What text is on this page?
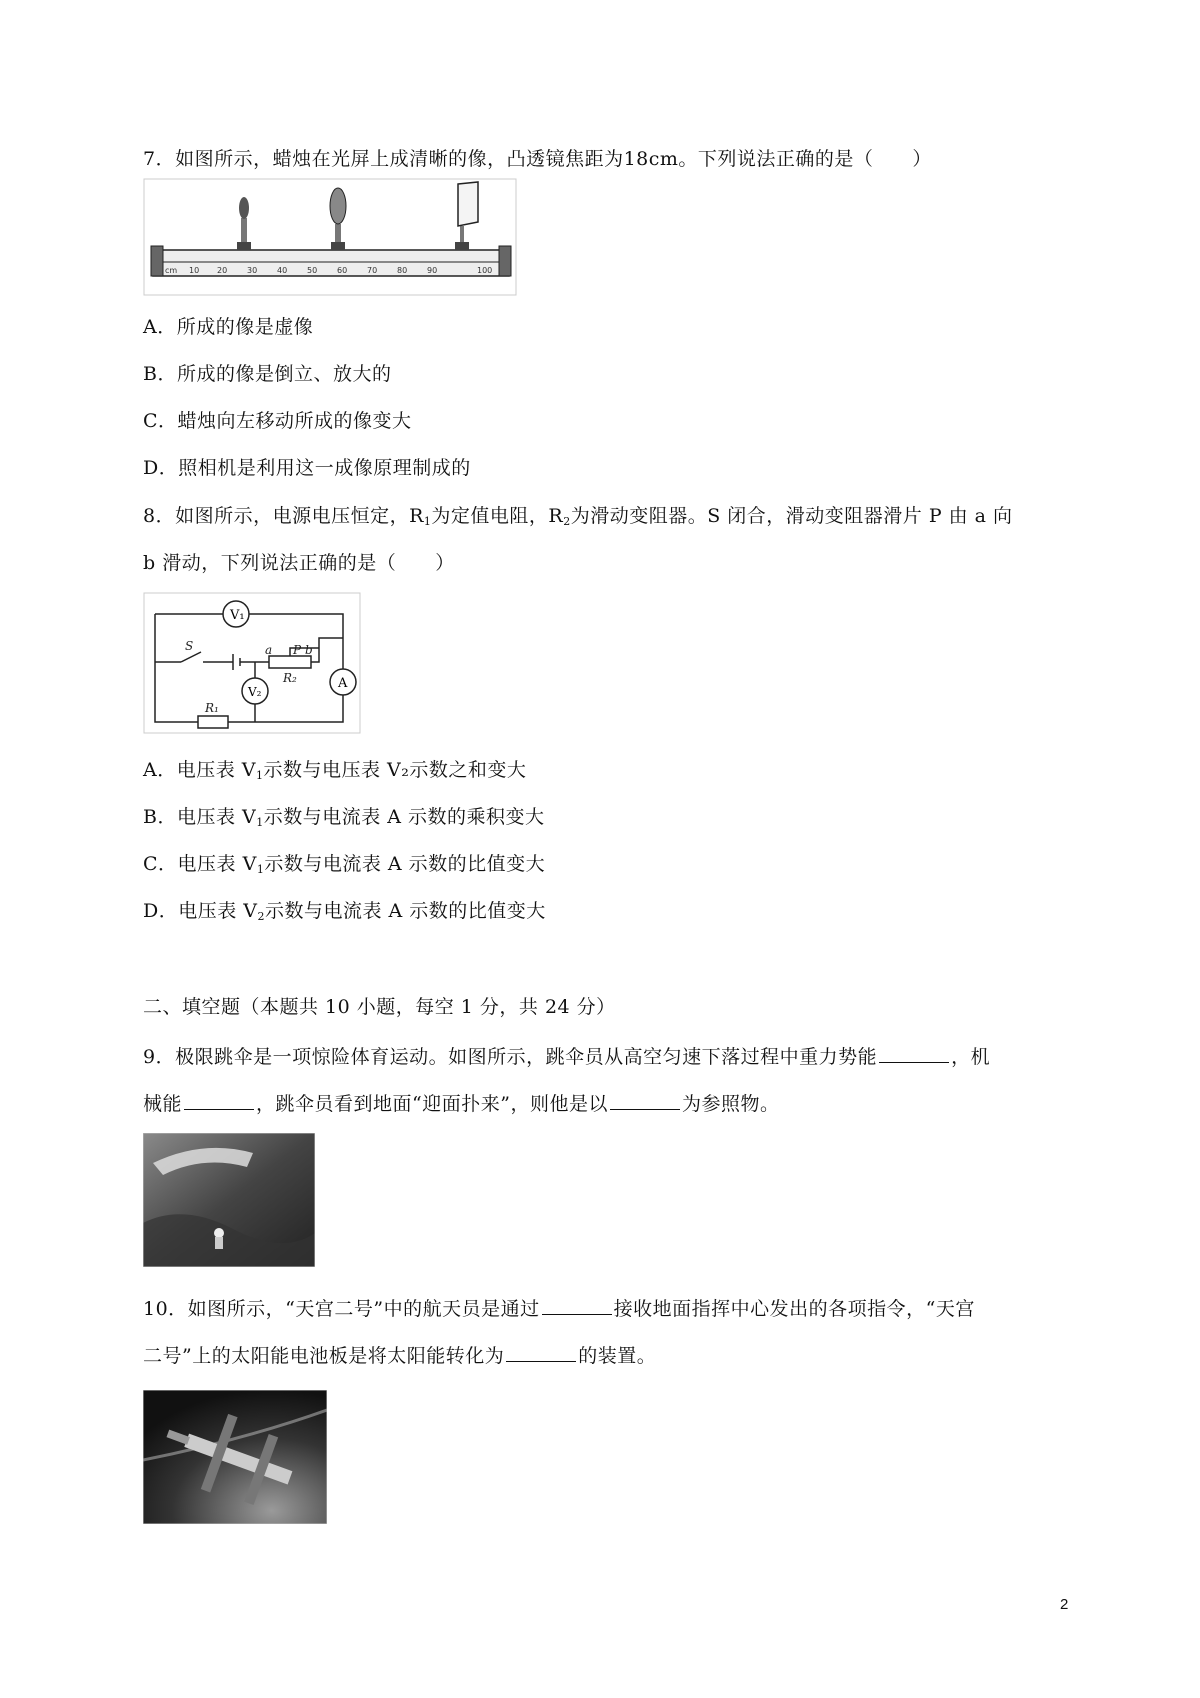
7．如图所示，蜡烛在光屏上成清晰的像，凸透镜焦距为18cm。下列说法正确的是（　　）
cm 10 20 30 40 50 60 70 80 90	100
A．所成的像是虚像
B．所成的像是倒立、放大的
C．蜡烛向左移动所成的像变大
D．照相机是利用这一成像原理制成的
8．如图所示，电源电压恒定，$R_1$为定值电阻，$R_2$为滑动变阻器。S 闭合，滑动变阻器滑片 P 由 a 向
b 滑动，下列说法正确的是（　　）
V₁
V₂
A
S	a P b
R₂
R₁
A．电压表 $V_1$示数与电压表 V₂示数之和变大
B．电压表 $V_1$示数与电流表 A 示数的乘积变大
C．电压表 $V_1$示数与电流表 A 示数的比值变大
D．电压表 $V_2$示数与电流表 A 示数的比值变大
二、填空题（本题共 10 小题，每空 1 分，共 24 分）
9．极限跳伞是一项惊险体育运动。如图所示，跳伞员从高空匀速下落过程中重力势能	，机
械能	，跳伞员看到地面“迎面扑来”，则他是以	为参照物。
10．如图所示，“天宫二号”中的航天员是通过	接收地面指挥中心发出的各项指令，“天宫
二号”上的太阳能电池板是将太阳能转化为	的装置。
2
